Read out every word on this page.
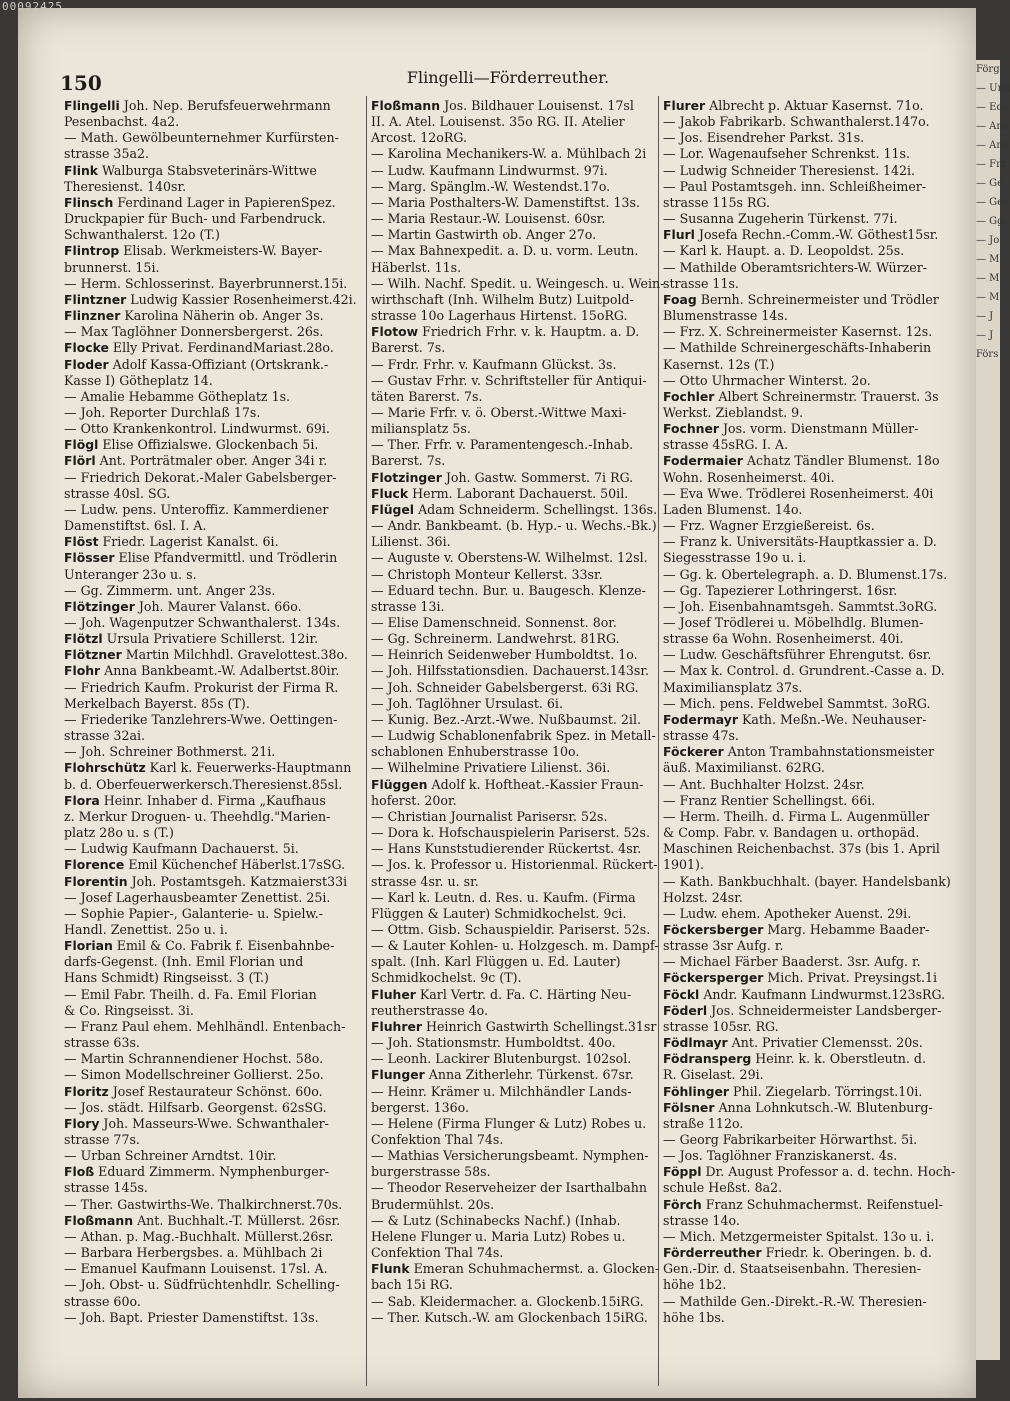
150	Flingelli—Förderreuther.
Flingelli Joh. Nep. Berufsfeuerwehrmann
Pesenbachst. 4a2.
— Math. Gewölbeunternehmer Kurfürsten-
strasse 35a2.
Flink Walburga Stabsveterinärs-Wittwe
Theresienst. 140sr.
Flinsch Ferdinand Lager in PapierenSpez.
Druckpapier für Buch- und Farbendruck.
Schwanthalerst. 12o (T.)
Flintrop Elisab. Werkmeisters-W. Bayer-
brunnerst. 15i.
— Herm. Schlosserinst. Bayerbrunnerst.15i.
Flintzner Ludwig Kassier Rosenheimerst.42i.
Flinzner Karolina Näherin ob. Anger 3s.
— Max Taglöhner Donnersbergerst. 26s.
Flocke Elly Privat. FerdinandMariast.28o.
Floder Adolf Kassa-Offiziant (Ortskrank.-
Kasse I) Götheplatz 14.
— Amalie Hebamme Götheplatz 1s.
— Joh. Reporter Durchlaß 17s.
— Otto Krankenkontrol. Lindwurmst. 69i.
Flögl Elise Offizialswe. Glockenbach 5i.
Flörl Ant. Porträtmaler ober. Anger 34i r.
— Friedrich Dekorat.-Maler Gabelsberger-
strasse 40sl. SG.
— Ludw. pens. Unteroffiz. Kammerdiener
Damenstiftst. 6sl. I. A.
Flöst Friedr. Lagerist Kanalst. 6i.
Flösser Elise Pfandvermittl. und Trödlerin
Unteranger 23o u. s.
— Gg. Zimmerm. unt. Anger 23s.
Flötzinger Joh. Maurer Valanst. 66o.
— Joh. Wagenputzer Schwanthalerst. 134s.
Flötzl Ursula Privatiere Schillerst. 12ir.
Flötzner Martin Milchhdl. Gravelottest.38o.
Flohr Anna Bankbeamt.-W. Adalbertst.80ir.
— Friedrich Kaufm. Prokurist der Firma R.
Merkelbach Bayerst. 85s (T).
— Friederike Tanzlehrers-Wwe. Oettingen-
strasse 32ai.
— Joh. Schreiner Bothmerst. 21i.
Flohrschütz Karl k. Feuerwerks-Hauptmann
b. d. Oberfeuerwerkersch.Theresienst.85sl.
Flora Heinr. Inhaber d. Firma „Kaufhaus
z. Merkur Droguen- u. Theehdlg."Marien-
platz 28o u. s (T.)
— Ludwig Kaufmann Dachauerst. 5i.
Florence Emil Küchenchef Häberlst.17sSG.
Florentin Joh. Postamtsgeh. Katzmaierst33i
— Josef Lagerhausbeamter Zenettist. 25i.
— Sophie Papier-, Galanterie- u. Spielw.-
Handl. Zenettist. 25o u. i.
Florian Emil & Co. Fabrik f. Eisenbahnbe-
darfs-Gegenst. (Inh. Emil Florian und
Hans Schmidt) Ringseisst. 3 (T.)
— Emil Fabr. Theilh. d. Fa. Emil Florian
& Co. Ringseisst. 3i.
— Franz Paul ehem. Mehlhändl. Entenbach-
strasse 63s.
— Martin Schrannendiener Hochst. 58o.
— Simon Modellschreiner Gollierst. 25o.
Floritz Josef Restaurateur Schönst. 60o.
— Jos. städt. Hilfsarb. Georgenst. 62sSG.
Flory Joh. Masseurs-Wwe. Schwanthaler-
strasse 77s.
— Urban Schreiner Arndtst. 10ir.
Floß Eduard Zimmerm. Nymphenburger-
strasse 145s.
— Ther. Gastwirths-We. Thalkirchnerst.70s.
Floßmann Ant. Buchhalt.-T. Müllerst. 26sr.
— Athan. p. Mag.-Buchhalt. Müllerst.26sr.
— Barbara Herbergsbes. a. Mühlbach 2i
— Emanuel Kaufmann Louisenst. 17sl. A.
— Joh. Obst- u. Südfrüchtenhdlr. Schelling-
strasse 60o.
— Joh. Bapt. Priester Damenstiftst. 13s.
Floßmann Jos. Bildhauer Louisenst. 17sl
II. A. Atel. Louisenst. 35o RG. II. Atelier
Arcost. 12oRG.
— Karolina Mechanikers-W. a. Mühlbach 2i
— Ludw. Kaufmann Lindwurmst. 97i.
— Marg. Spänglm.-W. Westendst.17o.
— Maria Posthalters-W. Damenstiftst. 13s.
— Maria Restaur.-W. Louisenst. 60sr.
— Martin Gastwirth ob. Anger 27o.
— Max Bahnexpedit. a. D. u. vorm. Leutn.
Häberlst. 11s.
— Wilh. Nachf. Spedit. u. Weingesch. u. Wein-
wirthschaft (Inh. Wilhelm Butz) Luitpold-
strasse 10o Lagerhaus Hirtenst. 15oRG.
Flotow Friedrich Frhr. v. k. Hauptm. a. D.
Barerst. 7s.
— Frdr. Frhr. v. Kaufmann Glückst. 3s.
— Gustav Frhr. v. Schriftsteller für Antiqui-
täten Barerst. 7s.
— Marie Frfr. v. ö. Oberst.-Wittwe Maxi-
miliansplatz 5s.
— Ther. Frfr. v. Paramentengesch.-Inhab.
Barerst. 7s.
Flotzinger Joh. Gastw. Sommerst. 7i RG.
Fluck Herm. Laborant Dachauerst. 50il.
Flügel Adam Schneiderm. Schellingst. 136s.
— Andr. Bankbeamt. (b. Hyp.- u. Wechs.-Bk.)
Lilienst. 36i.
— Auguste v. Oberstens-W. Wilhelmst. 12sl.
— Christoph Monteur Kellerst. 33sr.
— Eduard techn. Bur. u. Baugesch. Klenze-
strasse 13i.
— Elise Damenschneid. Sonnenst. 8or.
— Gg. Schreinerm. Landwehrst. 81RG.
— Heinrich Seidenweber Humboldtst. 1o.
— Joh. Hilfsstationsdien. Dachauerst.143sr.
— Joh. Schneider Gabelsbergerst. 63i RG.
— Joh. Taglöhner Ursulast. 6i.
— Kunig. Bez.-Arzt.-Wwe. Nußbaumst. 2il.
— Ludwig Schablonenfabrik Spez. in Metall-
schablonen Enhuberstrasse 10o.
— Wilhelmine Privatiere Lilienst. 36i.
Flüggen Adolf k. Hoftheat.-Kassier Fraun-
hoferst. 20or.
— Christian Journalist Parisersr. 52s.
— Dora k. Hofschauspielerin Pariserst. 52s.
— Hans Kunststudierender Rückertst. 4sr.
— Jos. k. Professor u. Historienmal. Rückert-
strasse 4sr. u. sr.
— Karl k. Leutn. d. Res. u. Kaufm. (Firma
Flüggen & Lauter) Schmidkochelst. 9ci.
— Ottm. Gisb. Schauspieldir. Pariserst. 52s.
— & Lauter Kohlen- u. Holzgesch. m. Dampf-
spalt. (Inh. Karl Flüggen u. Ed. Lauter)
Schmidkochelst. 9c (T).
Fluher Karl Vertr. d. Fa. C. Härting Neu-
reutherstrasse 4o.
Fluhrer Heinrich Gastwirth Schellingst.31sr
— Joh. Stationsmstr. Humboldtst. 40o.
— Leonh. Lackirer Blutenburgst. 102sol.
Flunger Anna Zitherlehr. Türkenst. 67sr.
— Heinr. Krämer u. Milchhändler Lands-
bergerst. 136o.
— Helene (Firma Flunger & Lutz) Robes u.
Confektion Thal 74s.
— Mathias Versicherungsbeamt. Nymphen-
burgerstrasse 58s.
— Theodor Reserveheizer der Isarthalbahn
Brudermühlst. 20s.
— & Lutz (Schinabecks Nachf.) (Inhab.
Helene Flunger u. Maria Lutz) Robes u.
Confektion Thal 74s.
Flunk Emeran Schuhmachermst. a. Glocken-
bach 15i RG.
— Sab. Kleidermacher. a. Glockenb.15iRG.
— Ther. Kutsch.-W. am Glockenbach 15iRG.
Flurer Albrecht p. Aktuar Kasernst. 71o.
— Jakob Fabrikarb. Schwanthalerst.147o.
— Jos. Eisendreher Parkst. 31s.
— Lor. Wagenaufseher Schrenkst. 11s.
— Ludwig Schneider Theresienst. 142i.
— Paul Postamtsgeh. inn. Schleißheimer-
strasse 115s RG.
— Susanna Zugeherin Türkenst. 77i.
Flurl Josefa Rechn.-Comm.-W. Göthest15sr.
— Karl k. Haupt. a. D. Leopoldst. 25s.
— Mathilde Oberamtsrichters-W. Würzer-
strasse 11s.
Foag Bernh. Schreinermeister und Trödler
Blumenstrasse 14s.
— Frz. X. Schreinermeister Kasernst. 12s.
— Mathilde Schreinergeschäfts-Inhaberin
Kasernst. 12s (T.)
— Otto Uhrmacher Winterst. 2o.
Fochler Albert Schreinermstr. Trauerst. 3s
Werkst. Zieblandst. 9.
Fochner Jos. vorm. Dienstmann Müller-
strasse 45sRG. I. A.
Fodermaier Achatz Tändler Blumenst. 18o
Wohn. Rosenheimerst. 40i.
— Eva Wwe. Trödlerei Rosenheimerst. 40i
Laden Blumenst. 14o.
— Frz. Wagner Erzgießereist. 6s.
— Franz k. Universitäts-Hauptkassier a. D.
Siegesstrasse 19o u. i.
— Gg. k. Obertelegraph. a. D. Blumenst.17s.
— Gg. Tapezierer Lothringerst. 16sr.
— Joh. Eisenbahnamtsgeh. Sammtst.3oRG.
— Josef Trödlerei u. Möbelhdlg. Blumen-
strasse 6a Wohn. Rosenheimerst. 40i.
— Ludw. Geschäftsführer Ehrengutst. 6sr.
— Max k. Control. d. Grundrent.-Casse a. D.
Maximiliansplatz 37s.
— Mich. pens. Feldwebel Sammtst. 3oRG.
Fodermayr Kath. Meßn.-We. Neuhauser-
strasse 47s.
Föckerer Anton Trambahnstationsmeister
äuß. Maximilianst. 62RG.
— Ant. Buchhalter Holzst. 24sr.
— Franz Rentier Schellingst. 66i.
— Herm. Theilh. d. Firma L. Augenmüller
& Comp. Fabr. v. Bandagen u. orthopäd.
Maschinen Reichenbachst. 37s (bis 1. April
1901).
— Kath. Bankbuchhalt. (bayer. Handelsbank)
Holzst. 24sr.
— Ludw. ehem. Apotheker Auenst. 29i.
Föckersberger Marg. Hebamme Baader-
strasse 3sr Aufg. r.
— Michael Färber Baaderst. 3sr. Aufg. r.
Föckersperger Mich. Privat. Preysingst.1i
Föckl Andr. Kaufmann Lindwurmst.123sRG.
Föderl Jos. Schneidermeister Landsberger-
strasse 105sr. RG.
Födlmayr Ant. Privatier Clemensst. 20s.
Födransperg Heinr. k. k. Oberstleutn. d.
R. Giselast. 29i.
Föhlinger Phil. Ziegelarb. Törringst.10i.
Fölsner Anna Lohnkutsch.-W. Blutenburg-
straße 112o.
— Georg Fabrikarbeiter Hörwarthst. 5i.
— Jos. Taglöhner Franziskanerst. 4s.
Föppl Dr. August Professor a. d. techn. Hoch-
schule Heßst. 8a2.
Förch Franz Schuhmachermst. Reifenstuel-
strasse 14o.
— Mich. Metzgermeister Spitalst. 13o u. i.
Förderreuther Friedr. k. Oberingen. b. d.
Gen.-Dir. d. Staatseisenbahn. Theresien-
höhe 1b2.
— Mathilde Gen.-Direkt.-R.-W. Theresien-
höhe 1bs.
00092425
Förg
— Und
— Edn
— Ann
— Ant
— Frz
— Ge
— Geo
— Gg.
— Jo
— M
— M
— M
— J
— J
Förs
